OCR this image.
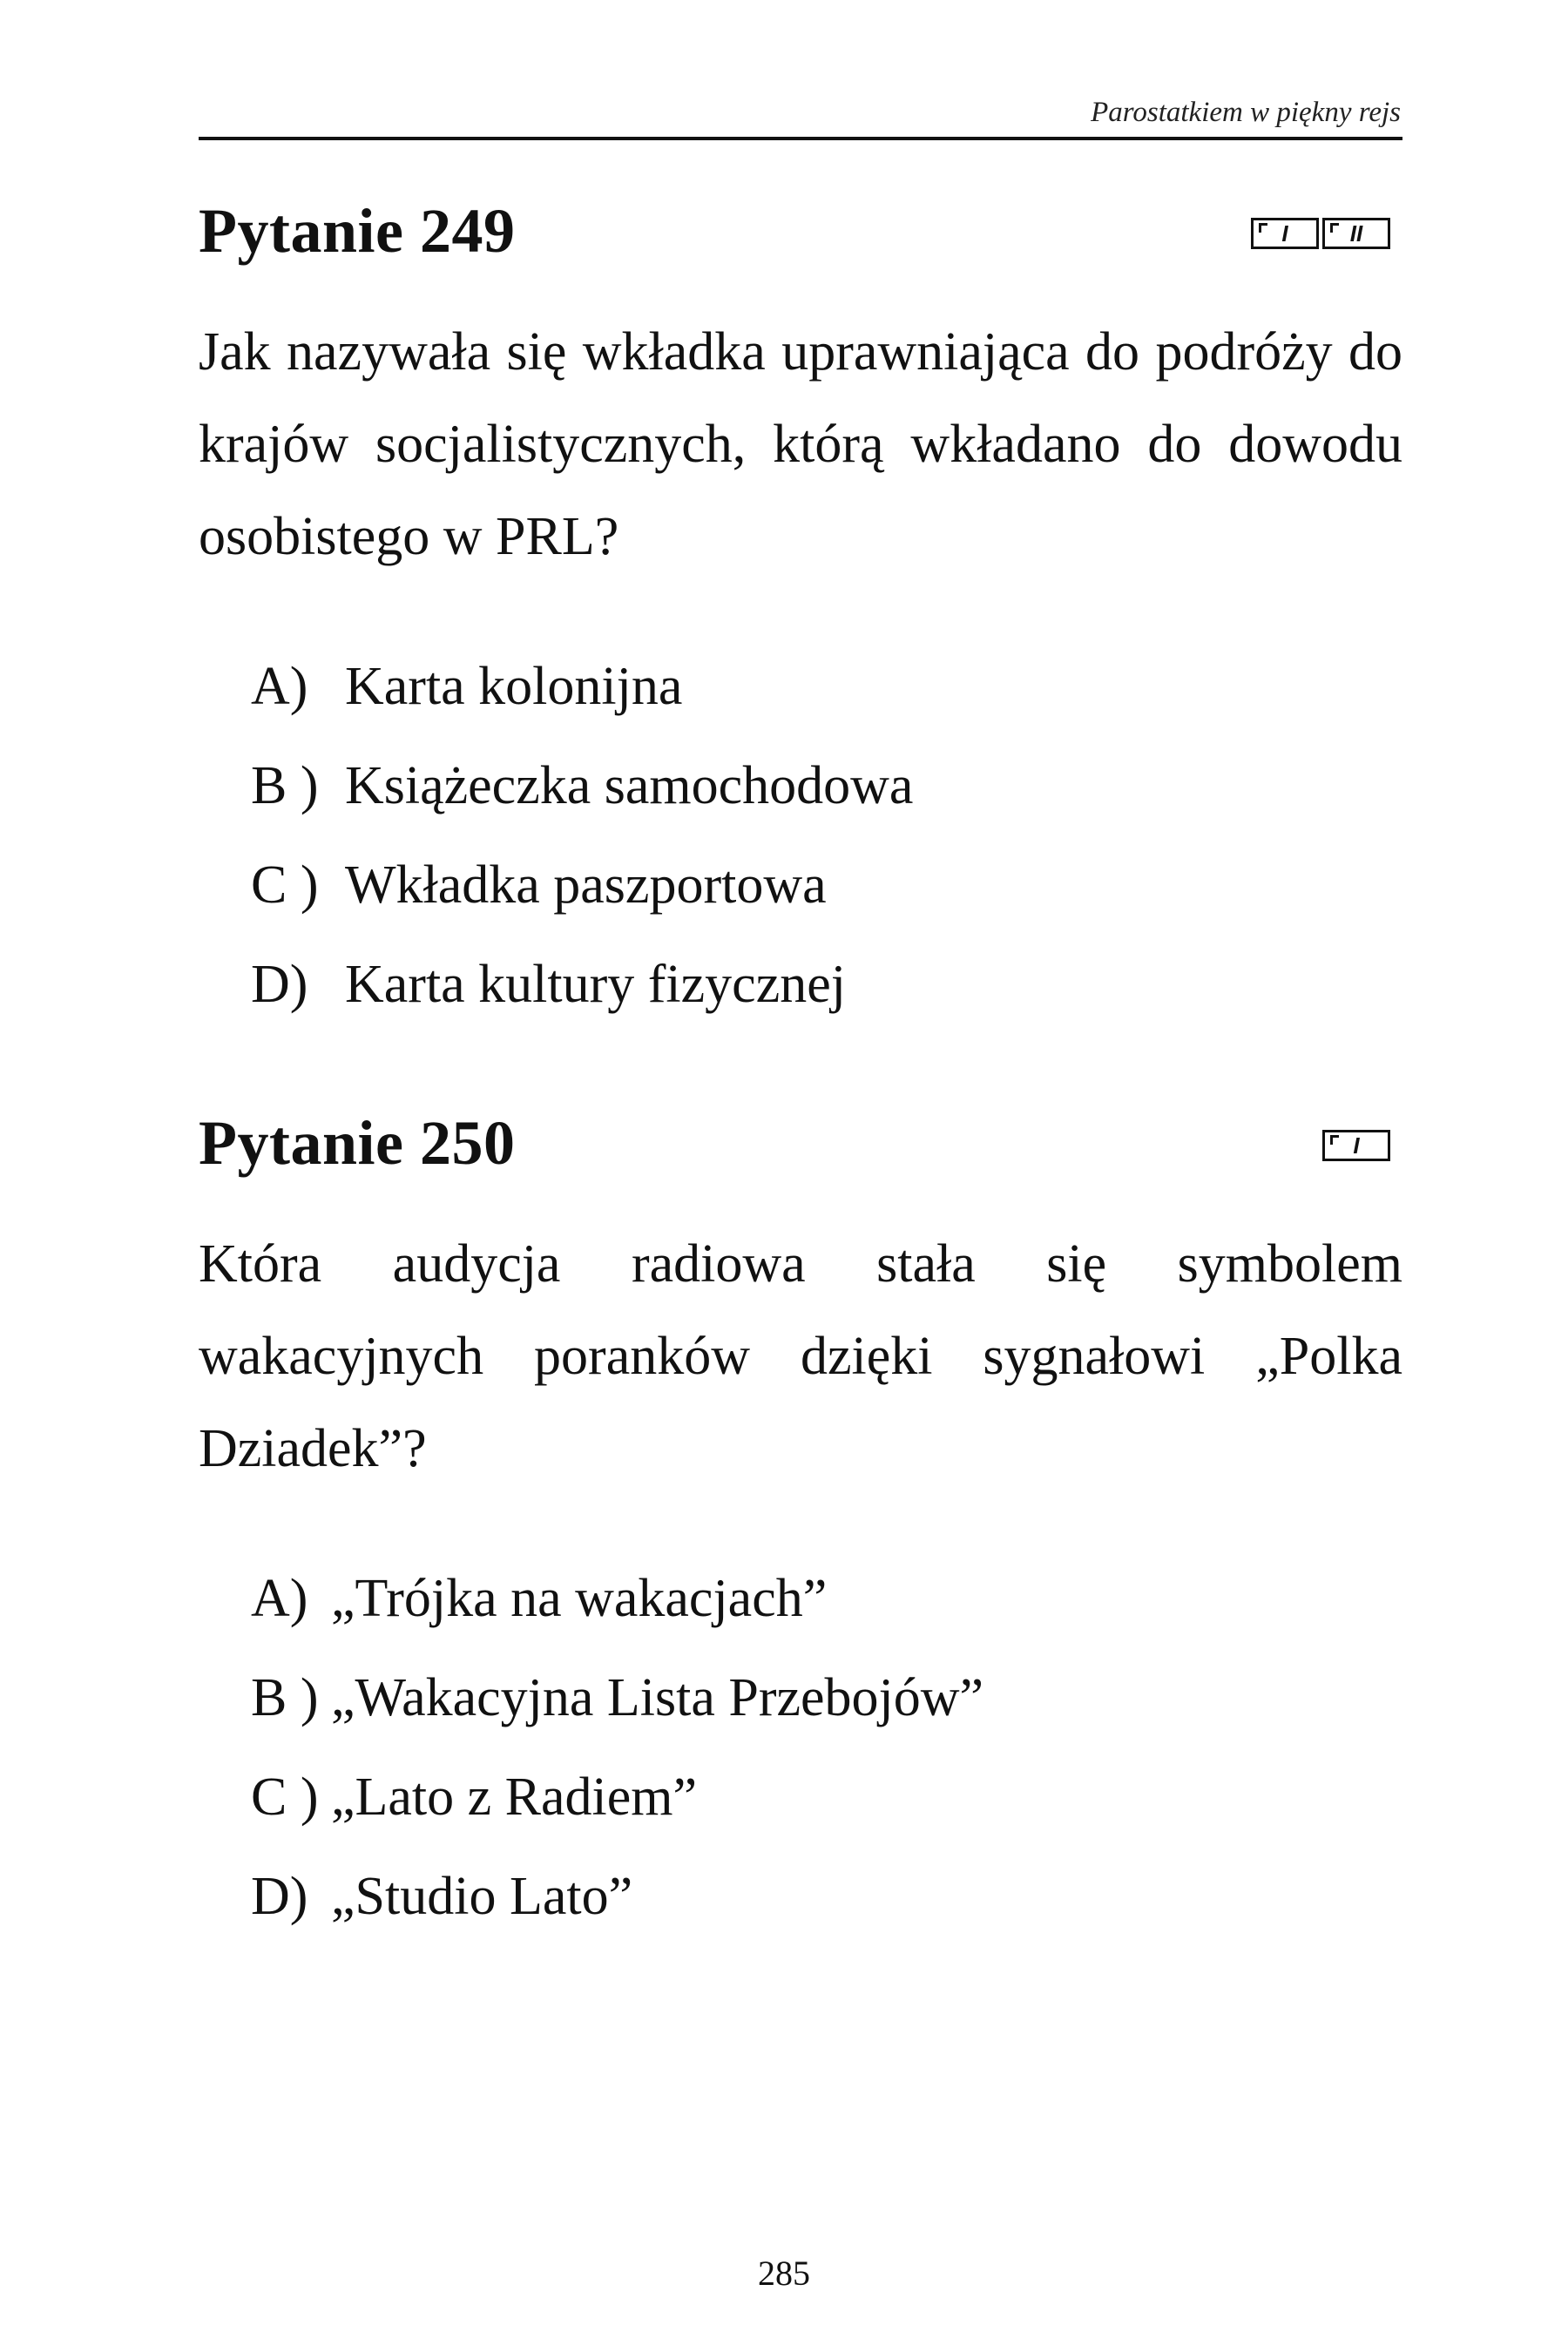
Parostatkiem w piękny rejs
Pytanie 249	I	II

Jak nazywała się wkładka uprawniająca do podróży do krajów socjalistycznych, którą wkładano do dowodu osobistego w PRL?

A) Karta kolonijna
B ) Książeczka samochodowa
C ) Wkładka paszportowa
D) Karta kultury fizycznej
Pytanie 250	I

Która audycja radiowa stała się symbolem wakacyjnych poranków dzięki sygnałowi „Polka Dziadek”?

A) „Trójka na wakacjach”
B ) „Wakacyjna Lista Przebojów”
C ) „Lato z Radiem”
D) „Studio Lato”
285
